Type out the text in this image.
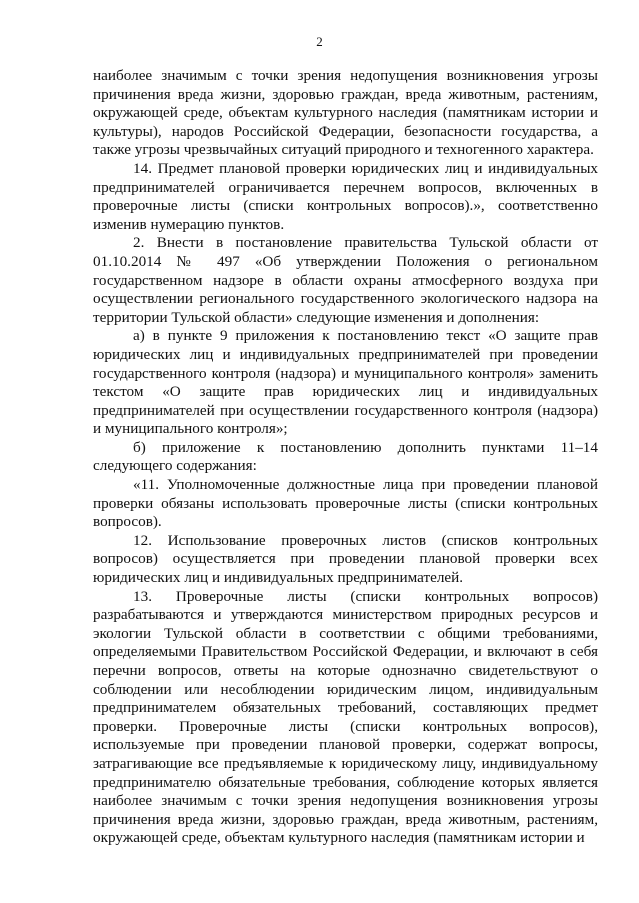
2

наиболее значимым с точки зрения недопущения возникновения угрозы причинения вреда жизни, здоровью граждан, вреда животным, растениям, окружающей среде, объектам культурного наследия (памятникам истории и культуры), народов Российской Федерации, безопасности государства, а также угрозы чрезвычайных ситуаций природного и техногенного характера.

14. Предмет плановой проверки юридических лиц и индивидуальных предпринимателей ограничивается перечнем вопросов, включенных в проверочные листы (списки контрольных вопросов).», соответственно изменив нумерацию пунктов.

2. Внести в постановление правительства Тульской области от 01.10.2014 № 497 «Об утверждении Положения о региональном государственном надзоре в области охраны атмосферного воздуха при осуществлении регионального государственного экологического надзора на территории Тульской области» следующие изменения и дополнения:

а) в пункте 9 приложения к постановлению текст «О защите прав юридических лиц и индивидуальных предпринимателей при проведении государственного контроля (надзора) и муниципального контроля» заменить текстом «О защите прав юридических лиц и индивидуальных предпринимателей при осуществлении государственного контроля (надзора) и муниципального контроля»;

б) приложение к постановлению дополнить пунктами 11–14 следующего содержания:

«11. Уполномоченные должностные лица при проведении плановой проверки обязаны использовать проверочные листы (списки контрольных вопросов).

12. Использование проверочных листов (списков контрольных вопросов) осуществляется при проведении плановой проверки всех юридических лиц и индивидуальных предпринимателей.

13. Проверочные листы (списки контрольных вопросов) разрабатываются и утверждаются министерством природных ресурсов и экологии Тульской области в соответствии с общими требованиями, определяемыми Правительством Российской Федерации, и включают в себя перечни вопросов, ответы на которые однозначно свидетельствуют о соблюдении или несоблюдении юридическим лицом, индивидуальным предпринимателем обязательных требований, составляющих предмет проверки. Проверочные листы (списки контрольных вопросов), используемые при проведении плановой проверки, содержат вопросы, затрагивающие все предъявляемые к юридическому лицу, индивидуальному предпринимателю обязательные требования, соблюдение которых является наиболее значимым с точки зрения недопущения возникновения угрозы причинения вреда жизни, здоровью граждан, вреда животным, растениям, окружающей среде, объектам культурного наследия (памятникам истории и
